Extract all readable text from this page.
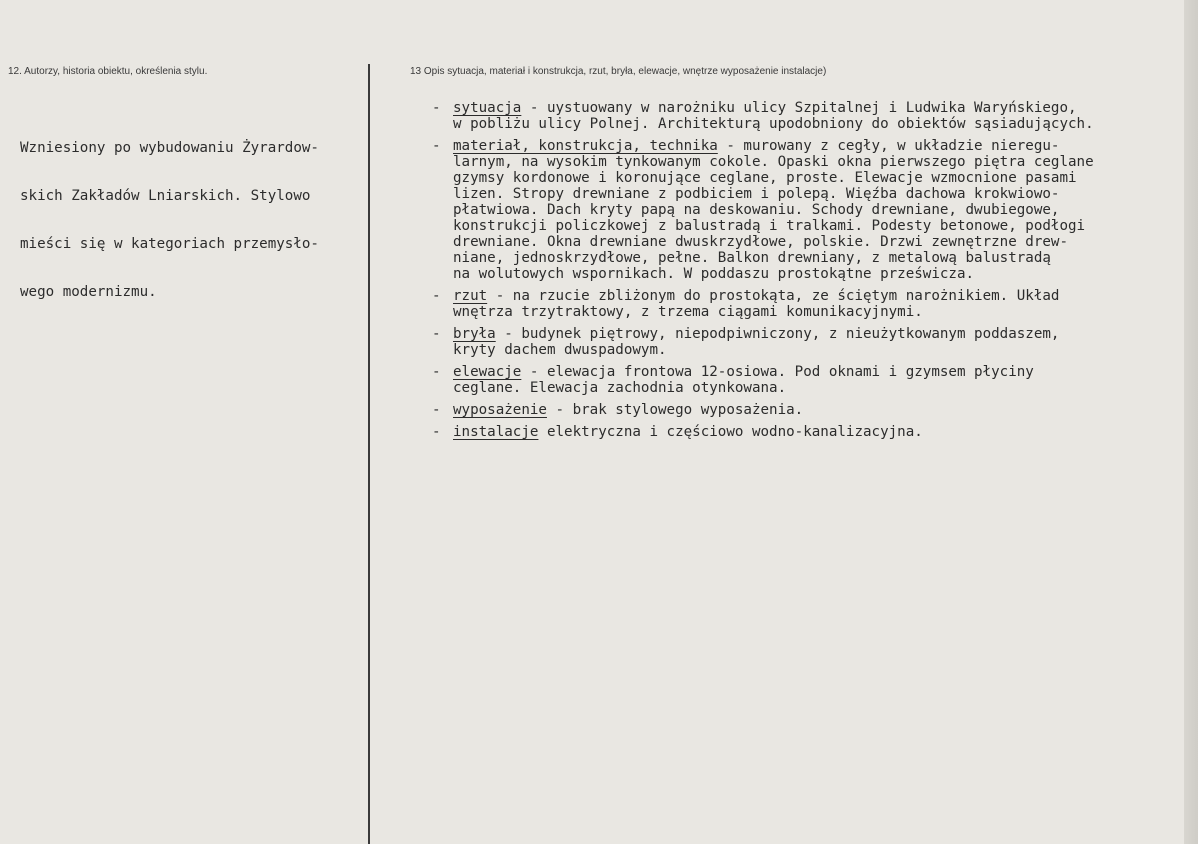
12. Autorzy, historia obiektu, określenia stylu.	13 Opis sytuacja, materiał i konstrukcja, rzut, bryła, elewacje, wnętrze wyposażenie instalacje)

Wzniesiony po wybudowaniu Żyrardow-

skich Zakładów Lniarskich. Stylowo

mieści się w kategoriach przemysło-

wego modernizmu.

- sytuacja - uystuowany w narożniku ulicy Szpitalnej i Ludwika Waryńskiego,
w pobliżu ulicy Polnej. Architekturą upodobniony do obiektów sąsiadujących.
- materiał, konstrukcja, technika - murowany z cegły, w układzie nieregu-
larnym, na wysokim tynkowanym cokole. Opaski okna pierwszego piętra ceglane
gzymsy kordonowe i koronujące ceglane, proste. Elewacje wzmocnione pasami
lizen. Stropy drewniane z podbiciem i polepą. Więźba dachowa krokwiowo-
płatwiowa. Dach kryty papą na deskowaniu. Schody drewniane, dwubiegowe,
konstrukcji policzkowej z balustradą i tralkami. Podesty betonowe, podłogi
drewniane. Okna drewniane dwuskrzydłowe, polskie. Drzwi zewnętrzne drew-
niane, jednoskrzydłowe, pełne. Balkon drewniany, z metalową balustradą
na wolutowych wspornikach. W poddaszu prostokątne prześwicza.
- rzut - na rzucie zbliżonym do prostokąta, ze ściętym narożnikiem. Układ
wnętrza trzytraktowy, z trzema ciągami komunikacyjnymi.
- bryła - budynek piętrowy, niepodpiwniczony, z nieużytkowanym poddaszem,
kryty dachem dwuspadowym.
- elewacje - elewacja frontowa 12-osiowa. Pod oknami i gzymsem płyciny
ceglane. Elewacja zachodnia otynkowana.
- wyposażenie - brak stylowego wyposażenia.
- instalacje elektryczna i częściowo wodno-kanalizacyjna.
